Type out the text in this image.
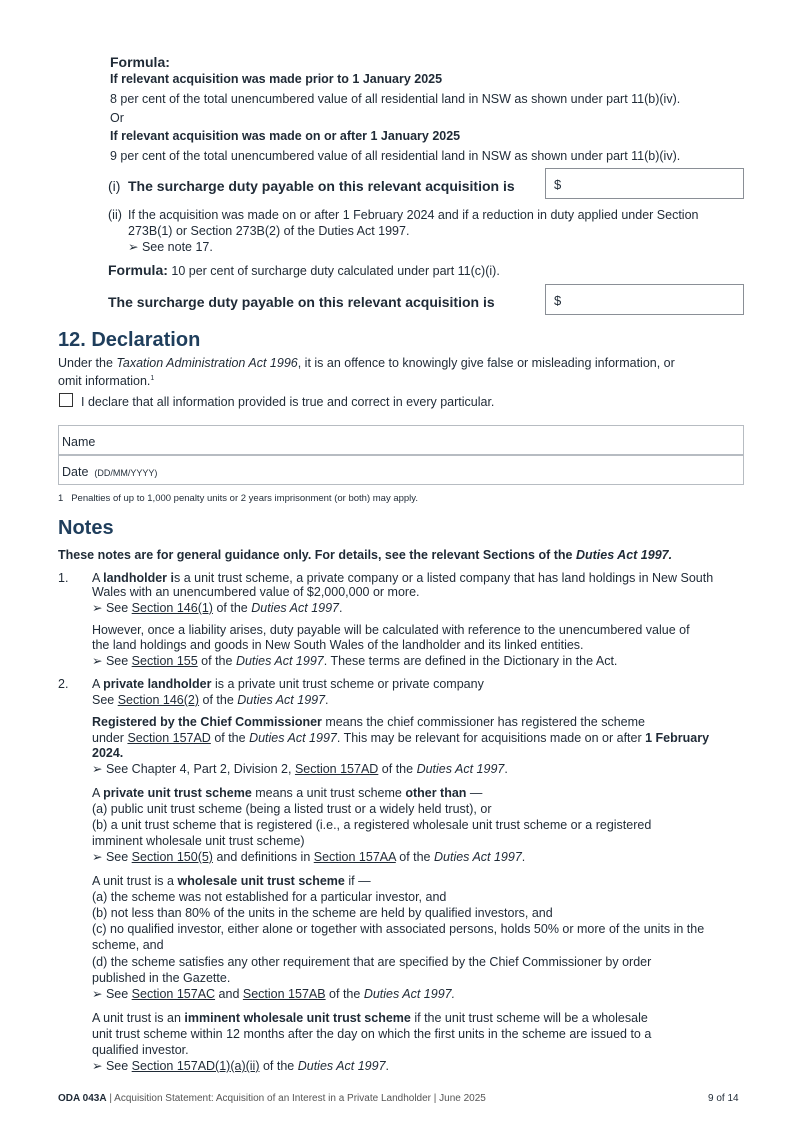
Formula:
If relevant acquisition was made prior to 1 January 2025
8 per cent of the total unencumbered value of all residential land in NSW as shown under part 11(b)(iv).
Or
If relevant acquisition was made on or after 1 January 2025
9 per cent of the total unencumbered value of all residential land in NSW as shown under part 11(b)(iv).
(i) The surcharge duty payable on this relevant acquisition is	$
(ii) If the acquisition was made on or after 1 February 2024 and if a reduction in duty applied under Section
273B(1) or Section 273B(2) of the Duties Act 1997.
➢ See note 17.
Formula: 10 per cent of surcharge duty calculated under part 11(c)(i).
The surcharge duty payable on this relevant acquisition is	$
12. Declaration
Under the Taxation Administration Act 1996, it is an offence to knowingly give false or misleading information, or
omit information.$^1$
I declare that all information provided is true and correct in every particular.
Name
Date (DD/MM/YYYY)
1 Penalties of up to 1,000 penalty units or 2 years imprisonment (or both) may apply.
Notes
These notes are for general guidance only. For details, see the relevant Sections of the Duties Act 1997.
1. A landholder is a unit trust scheme, a private company or a listed company that has land holdings in New South
Wales with an unencumbered value of $2,000,000 or more.
➢ See Section 146(1) of the Duties Act 1997.
However, once a liability arises, duty payable will be calculated with reference to the unencumbered value of
the land holdings and goods in New South Wales of the landholder and its linked entities.
➢ See Section 155 of the Duties Act 1997. These terms are defined in the Dictionary in the Act.
2. A private landholder is a private unit trust scheme or private company
See Section 146(2) of the Duties Act 1997.
Registered by the Chief Commissioner means the chief commissioner has registered the scheme
under Section 157AD of the Duties Act 1997. This may be relevant for acquisitions made on or after 1 February
2024.
➢ See Chapter 4, Part 2, Division 2, Section 157AD of the Duties Act 1997.
A private unit trust scheme means a unit trust scheme other than —
(a) public unit trust scheme (being a listed trust or a widely held trust), or
(b) a unit trust scheme that is registered (i.e., a registered wholesale unit trust scheme or a registered
imminent wholesale unit trust scheme)
➢ See Section 150(5) and definitions in Section 157AA of the Duties Act 1997.
A unit trust is a wholesale unit trust scheme if —
(a) the scheme was not established for a particular investor, and
(b) not less than 80% of the units in the scheme are held by qualified investors, and
(c) no qualified investor, either alone or together with associated persons, holds 50% or more of the units in the
scheme, and
(d) the scheme satisfies any other requirement that are specified by the Chief Commissioner by order
published in the Gazette.
➢ See Section 157AC and Section 157AB of the Duties Act 1997.
A unit trust is an imminent wholesale unit trust scheme if the unit trust scheme will be a wholesale
unit trust scheme within 12 months after the day on which the first units in the scheme are issued to a
qualified investor.
➢ See Section 157AD(1)(a)(ii) of the Duties Act 1997.
ODA 043A | Acquisition Statement: Acquisition of an Interest in a Private Landholder | June 2025	9 of 14
